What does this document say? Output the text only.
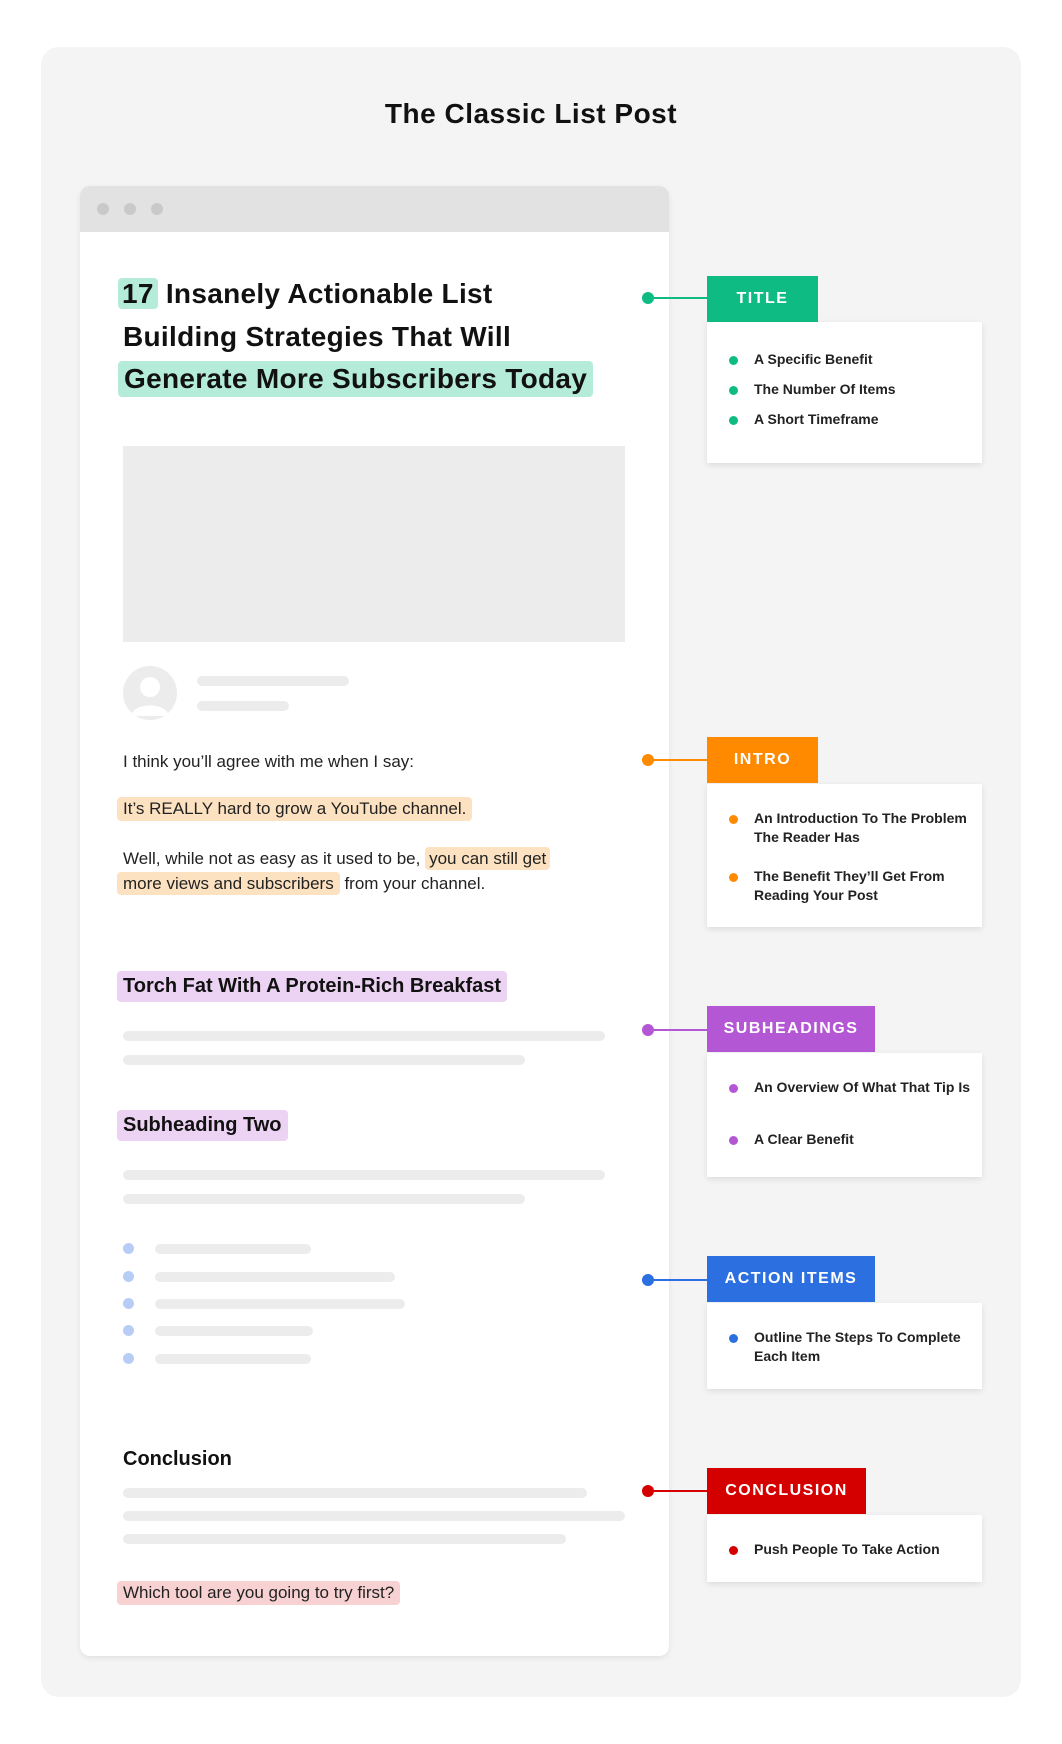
The Classic List Post
17 Insanely Actionable List
Building Strategies That Will
Generate More Subscribers Today
I think you’ll agree with me when I say:
It’s REALLY hard to grow a YouTube channel.
Well, while not as easy as it used to be, you can still get
more views and subscribers from your channel.
Torch Fat With A Protein-Rich Breakfast
Subheading Two
Conclusion
Which tool are you going to try first?
A Specific Benefit
The Number Of Items
A Short Timeframe
TITLE
An Introduction To The Problem The Reader Has
The Benefit They’ll Get From Reading Your Post
INTRO
An Overview Of What That Tip Is
A Clear Benefit
SUBHEADINGS
Outline The Steps To Complete Each Item
ACTION ITEMS
Push People To Take Action
CONCLUSION
